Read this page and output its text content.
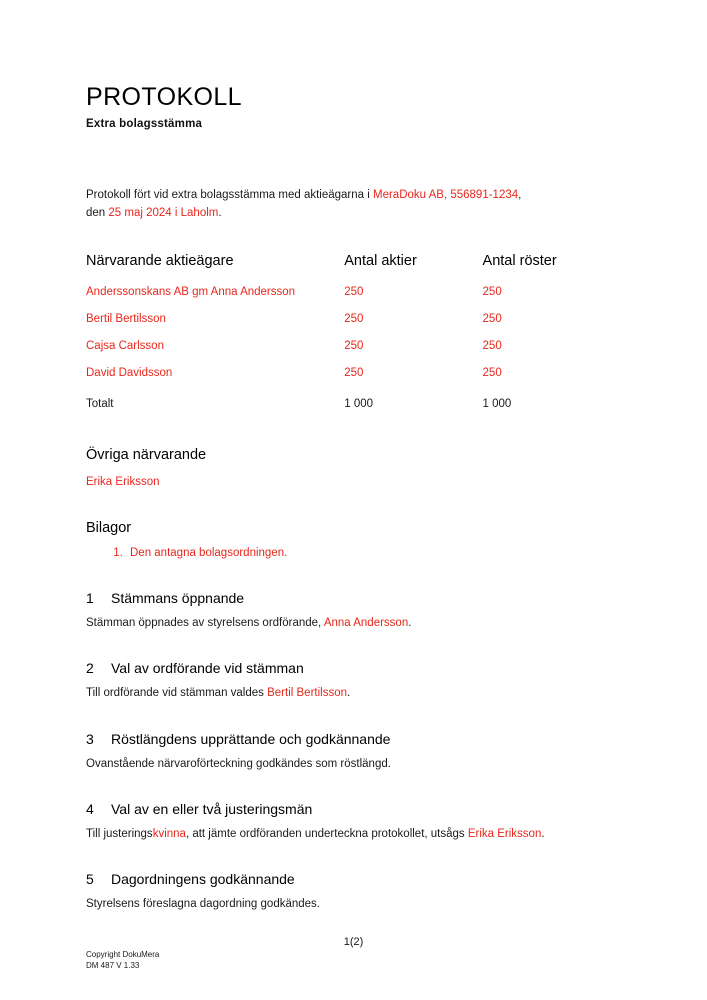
PROTOKOLL
Extra bolagsstämma

Protokoll fört vid extra bolagsstämma med aktieägarna i MeraDoku AB, 556891-1234, den 25 maj 2024 i Laholm.

Närvarande aktieägare	Antal aktier	Antal röster
Anderssonskans AB gm Anna Andersson	250	250
Bertil Bertilsson	250	250
Cajsa Carlsson	250	250
David Davidsson	250	250
Totalt	1 000	1 000
Övriga närvarande

Erika Eriksson

Bilagor
1. Den antagna bolagsordningen.
1	Stämmans öppnande
Stämman öppnades av styrelsens ordförande, Anna Andersson.
2	Val av ordförande vid stämman
Till ordförande vid stämman valdes Bertil Bertilsson.
3	Röstlängdens upprättande och godkännande
Ovanstående närvaroförteckning godkändes som röstlängd.
4	Val av en eller två justeringsmän
Till justeringskvinna, att jämte ordföranden underteckna protokollet, utsågs Erika Eriksson.
5	Dagordningens godkännande
Styrelsens föreslagna dagordning godkändes.
1(2)
Copyright DokuMera
DM 487 V 1.33
